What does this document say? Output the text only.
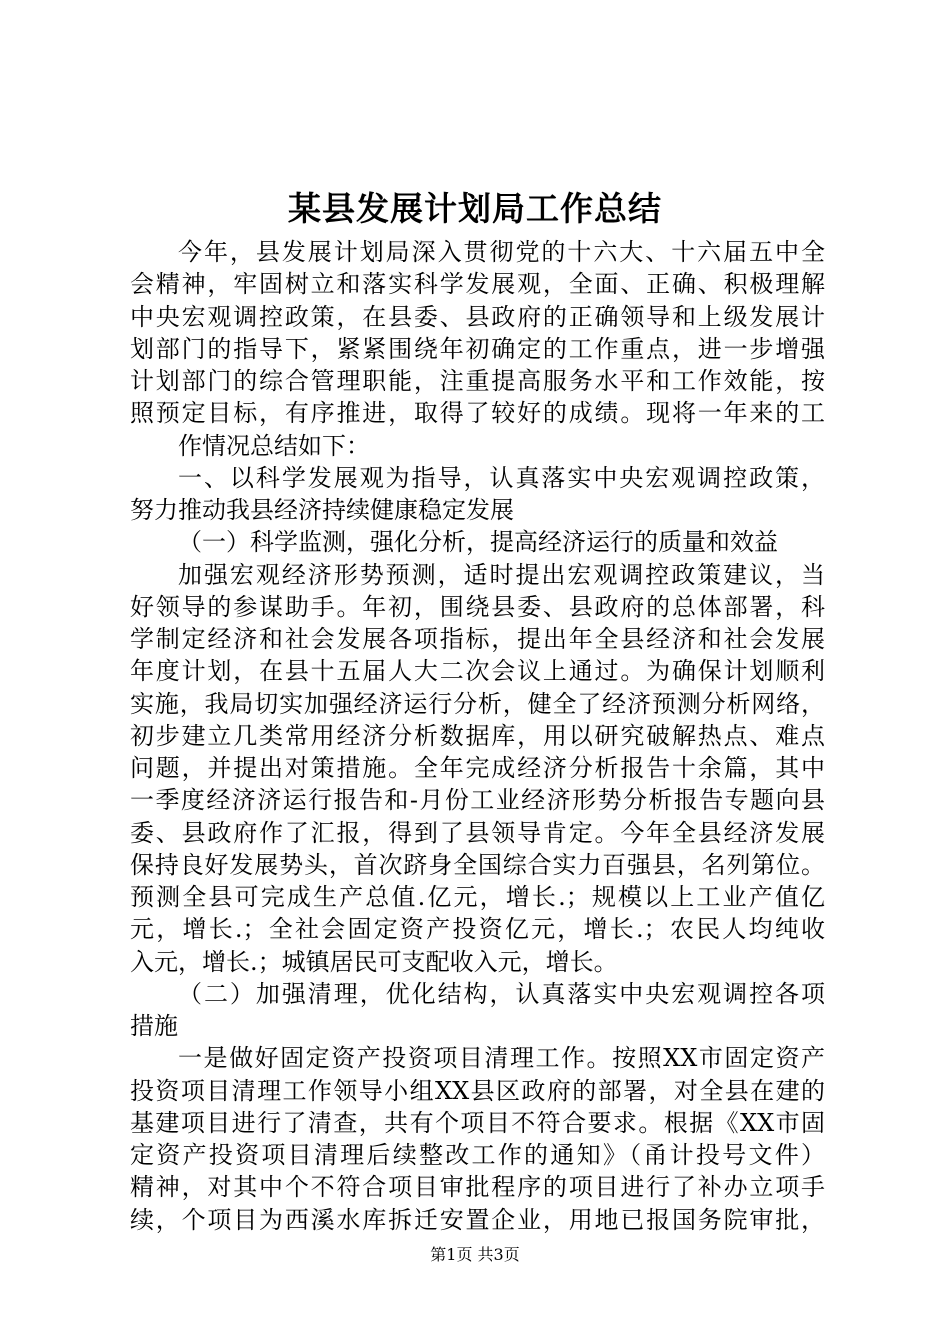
某县发展计划局工作总结
今年，县发展计划局深入贯彻党的十六大、十六届五中全
会精神，牢固树立和落实科学发展观，全面、正确、积极理解
中央宏观调控政策，在县委、县政府的正确领导和上级发展计
划部门的指导下，紧紧围绕年初确定的工作重点，进一步增强
计划部门的综合管理职能，注重提高服务水平和工作效能，按
照预定目标，有序推进，取得了较好的成绩。现将一年来的工
作情况总结如下：
一、以科学发展观为指导，认真落实中央宏观调控政策，
努力推动我县经济持续健康稳定发展
（一）科学监测，强化分析，提高经济运行的质量和效益
加强宏观经济形势预测，适时提出宏观调控政策建议，当
好领导的参谋助手。年初，围绕县委、县政府的总体部署，科
学制定经济和社会发展各项指标，提出年全县经济和社会发展
年度计划，在县十五届人大二次会议上通过。为确保计划顺利
实施，我局切实加强经济运行分析，健全了经济预测分析网络，
初步建立几类常用经济分析数据库，用以研究破解热点、难点
问题，并提出对策措施。全年完成经济分析报告十余篇，其中
一季度经济济运行报告和-月份工业经济形势分析报告专题向县
委、县政府作了汇报，得到了县领导肯定。今年全县经济发展
保持良好发展势头，首次跻身全国综合实力百强县，名列第位。
预测全县可完成生产总值.亿元，增长.；规模以上工业产值亿
元，增长.；全社会固定资产投资亿元，增长.；农民人均纯收
入元，增长.；城镇居民可支配收入元，增长。
（二）加强清理，优化结构，认真落实中央宏观调控各项
措施
一是做好固定资产投资项目清理工作。按照XX市固定资产
投资项目清理工作领导小组XX县区政府的部署，对全县在建的
基建项目进行了清查，共有个项目不符合要求。根据《XX市固
定资产投资项目清理后续整改工作的通知》（甬计投号文件）
精神，对其中个不符合项目审批程序的项目进行了补办立项手
续，个项目为西溪水库拆迁安置企业，用地已报国务院审批，
第1页 共3页
